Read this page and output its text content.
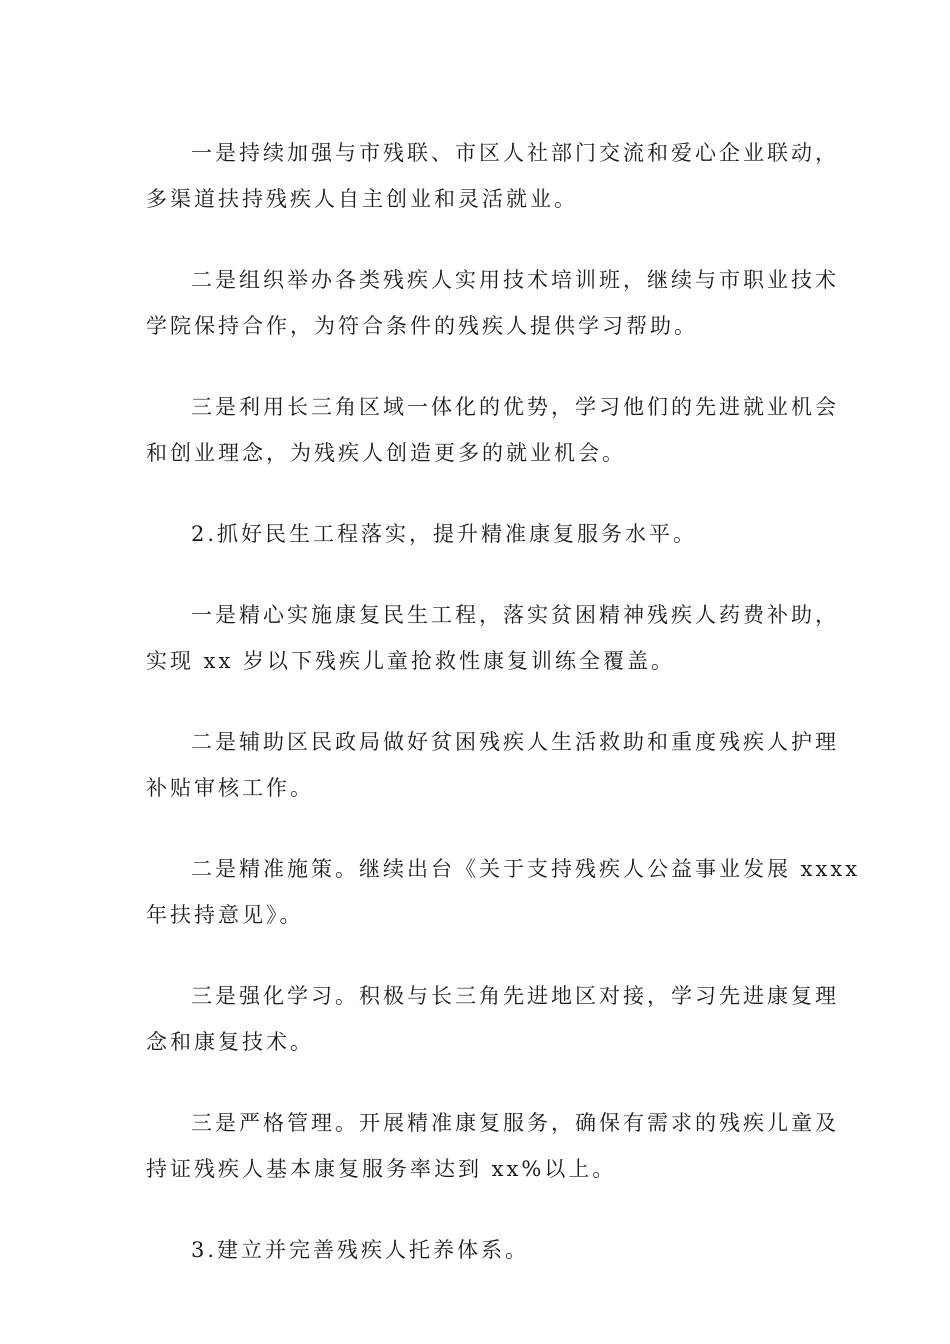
一是持续加强与市残联、市区人社部门交流和爱心企业联动，
多渠道扶持残疾人自主创业和灵活就业。

二是组织举办各类残疾人实用技术培训班，继续与市职业技术
学院保持合作，为符合条件的残疾人提供学习帮助。

三是利用长三角区域一体化的优势，学习他们的先进就业机会
和创业理念，为残疾人创造更多的就业机会。

2.抓好民生工程落实，提升精准康复服务水平。

一是精心实施康复民生工程，落实贫困精神残疾人药费补助，
实现 xx 岁以下残疾儿童抢救性康复训练全覆盖。

二是辅助区民政局做好贫困残疾人生活救助和重度残疾人护理
补贴审核工作。

二是精准施策。继续出台《关于支持残疾人公益事业发展 xxxx
年扶持意见》。

三是强化学习。积极与长三角先进地区对接，学习先进康复理
念和康复技术。

三是严格管理。开展精准康复服务，确保有需求的残疾儿童及
持证残疾人基本康复服务率达到 xx%以上。

3.建立并完善残疾人托养体系。
